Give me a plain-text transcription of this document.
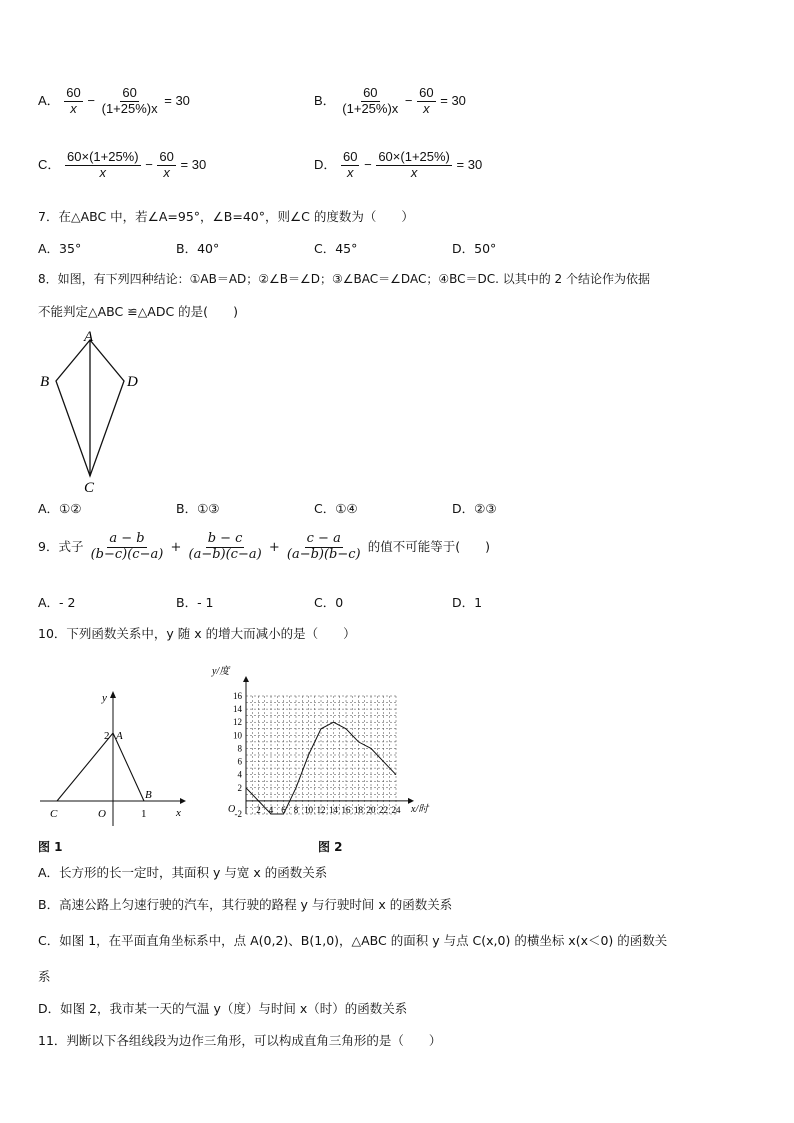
A． $\frac{60}{x} - \frac{60}{(1+25\%)x} = 30$	B． $\frac{60}{(1+25\%)x} - \frac{60}{x} = 30$
C． $\frac{60\times(1+25\%)}{x} - \frac{60}{x} = 30$	D． $\frac{60}{x} - \frac{60\times(1+25\%)}{x} = 30$
7．在△ABC 中，若∠A=95°，∠B=40°，则∠C 的度数为（　　）
A．35°	B．40°	C．45°	D．50°
8．如图，有下列四种结论：①AB＝AD；②∠B＝∠D；③∠BAC＝∠DAC；④BC＝DC. 以其中的 2 个结论作为依据
不能判定△ABC ≌△ADC 的是(　　)
A
B	D
C
A．①②	B．①③	C．①④	D．②③
9．式子 $\frac{a - b}{(b-c)(c-a)} + \frac{b - c}{(a-b)(c-a)} + \frac{c - a}{(a-b)(b-c)}$ 的值不可能等于(　　)
A．- 2	B．- 1	C．0	D．1
10．下列函数关系中，y 随 x 的增大而减小的是（　　）
y
x
2 A
B
1
O
C
图 1
16
14
12
10
8
6
4
2
-2 2 4 6 8 10 12 14 16 18 20 22 24
y/度
x/时
O
图 2
A．长方形的长一定时，其面积 y 与宽 x 的函数关系
B．高速公路上匀速行驶的汽车，其行驶的路程 y 与行驶时间 x 的函数关系
C．如图 1，在平面直角坐标系中，点 A(0,2)、B(1,0)，△ABC 的面积 y 与点 C(x,0) 的横坐标 x(x＜0) 的函数关
系
D．如图 2，我市某一天的气温 y（度）与时间 x（时）的函数关系
11．判断以下各组线段为边作三角形，可以构成直角三角形的是（　　）
